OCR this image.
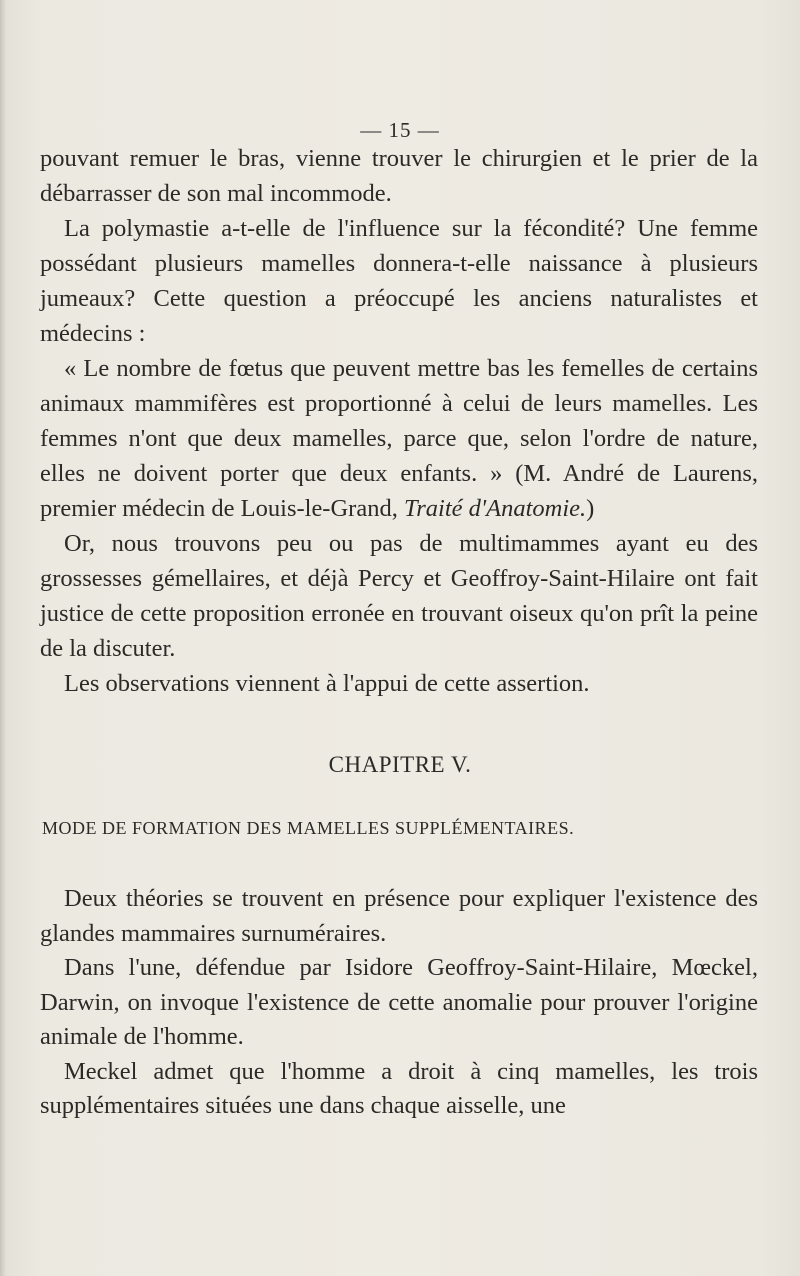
— 15 —

pouvant remuer le bras, vienne trouver le chirurgien et le prier de la débarrasser de son mal incommode.

La polymastie a-t-elle de l'influence sur la fécondité? Une femme possédant plusieurs mamelles donnera-t-elle naissance à plusieurs jumeaux? Cette question a préoccupé les anciens naturalistes et médecins :

« Le nombre de fœtus que peuvent mettre bas les femelles de certains animaux mammifères est proportionné à celui de leurs mamelles. Les femmes n'ont que deux mamelles, parce que, selon l'ordre de nature, elles ne doivent porter que deux enfants. » (M. André de Laurens, premier médecin de Louis-le-Grand, Traité d'Anatomie.)

Or, nous trouvons peu ou pas de multimammes ayant eu des grossesses gémellaires, et déjà Percy et Geoffroy-Saint-Hilaire ont fait justice de cette proposition erronée en trouvant oiseux qu'on prît la peine de la discuter.

Les observations viennent à l'appui de cette assertion.

CHAPITRE V.
MODE DE FORMATION DES MAMELLES SUPPLÉMENTAIRES.

Deux théories se trouvent en présence pour expliquer l'existence des glandes mammaires surnuméraires.

Dans l'une, défendue par Isidore Geoffroy-Saint-Hilaire, Mœckel, Darwin, on invoque l'existence de cette anomalie pour prouver l'origine animale de l'homme.

Meckel admet que l'homme a droit à cinq mamelles, les trois supplémentaires situées une dans chaque aisselle, une
